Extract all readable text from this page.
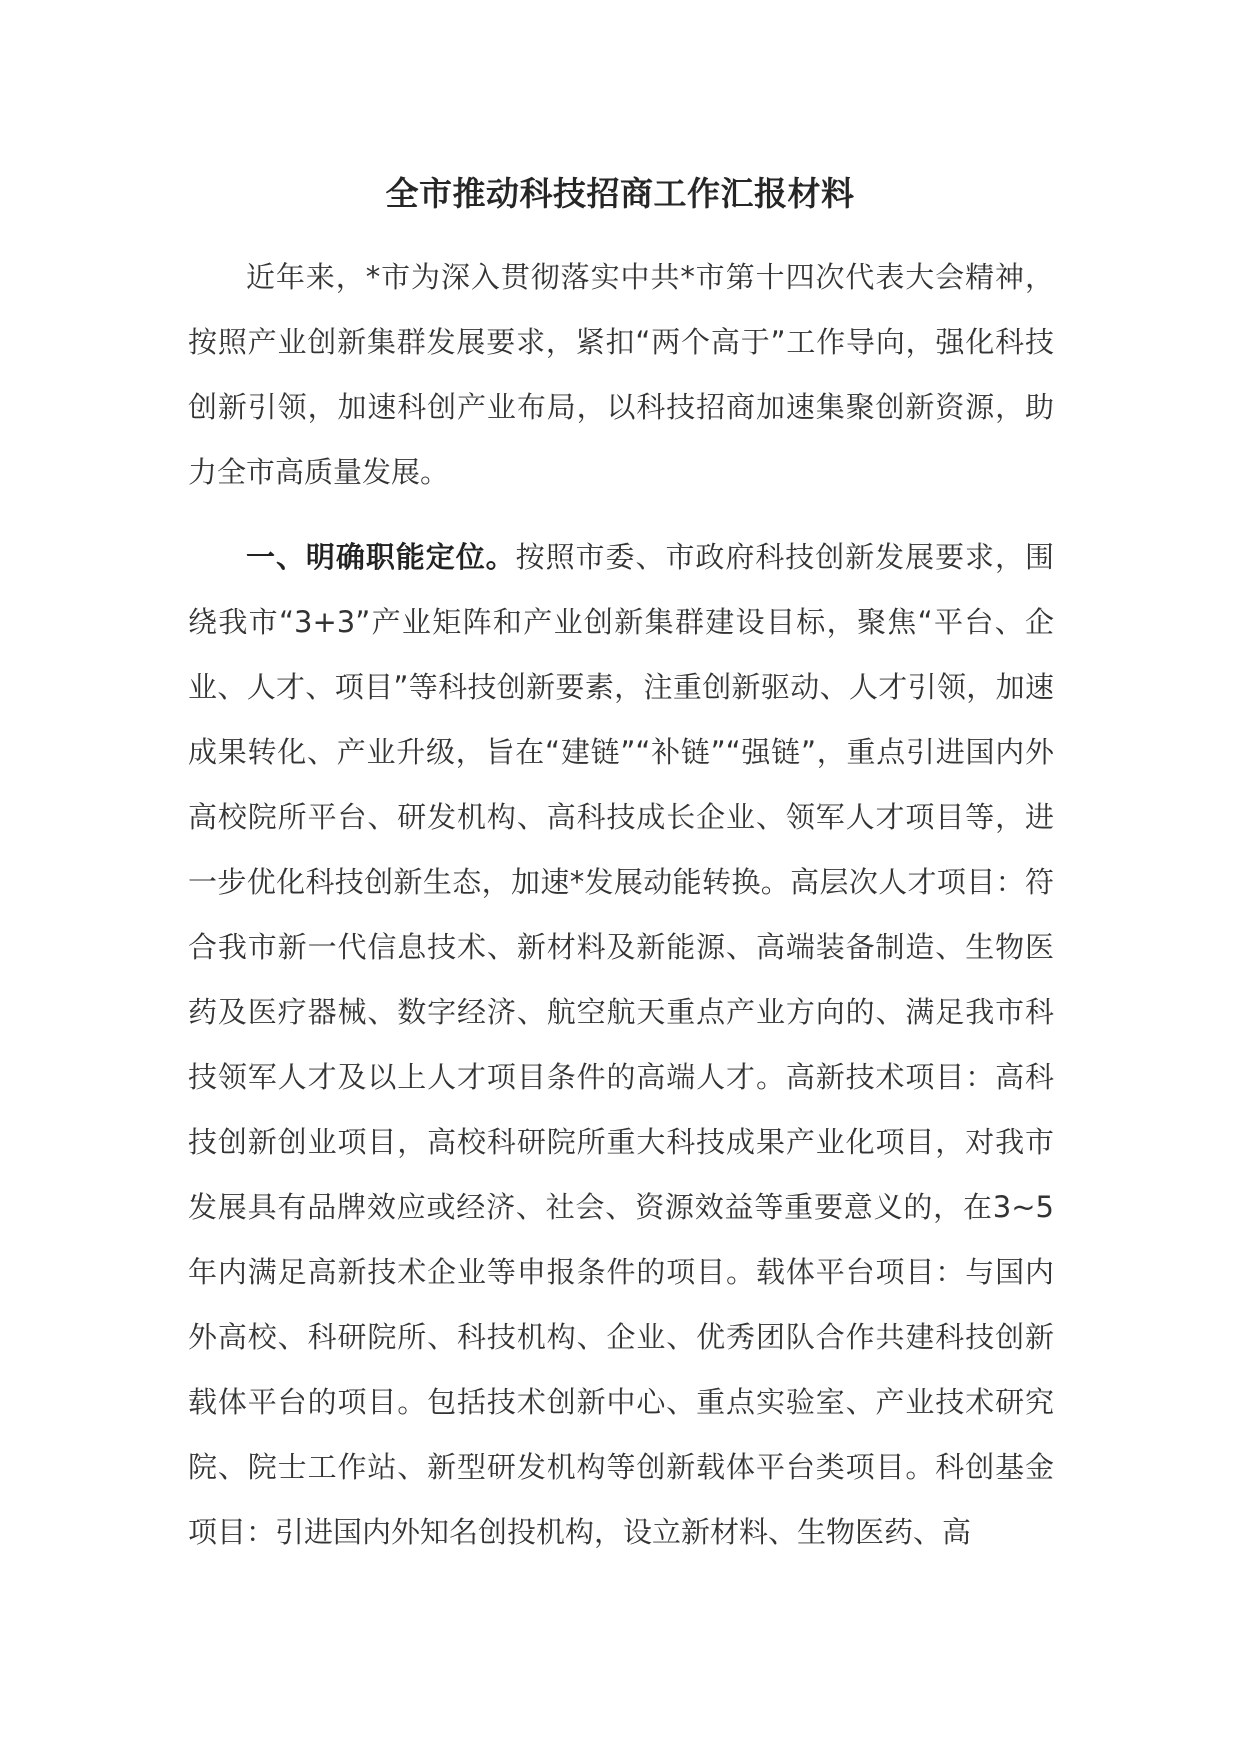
全市推动科技招商工作汇报材料

近年来，*市为深入贯彻落实中共*市第十四次代表大会精神，按照产业创新集群发展要求，紧扣“两个高于”工作导向，强化科技创新引领，加速科创产业布局，以科技招商加速集聚创新资源，助力全市高质量发展。

一、明确职能定位。按照市委、市政府科技创新发展要求，围绕我市“3+3”产业矩阵和产业创新集群建设目标，聚焦“平台、企业、人才、项目”等科技创新要素，注重创新驱动、人才引领，加速成果转化、产业升级，旨在“建链”“补链”“强链”，重点引进国内外高校院所平台、研发机构、高科技成长企业、领军人才项目等，进一步优化科技创新生态，加速*发展动能转换。高层次人才项目：符合我市新一代信息技术、新材料及新能源、高端装备制造、生物医药及医疗器械、数字经济、航空航天重点产业方向的、满足我市科技领军人才及以上人才项目条件的高端人才。高新技术项目：高科技创新创业项目，高校科研院所重大科技成果产业化项目，对我市发展具有品牌效应或经济、社会、资源效益等重要意义的，在3~5年内满足高新技术企业等申报条件的项目。载体平台项目：与国内外高校、科研院所、科技机构、企业、优秀团队合作共建科技创新载体平台的项目。包括技术创新中心、重点实验室、产业技术研究院、院士工作站、新型研发机构等创新载体平台类项目。科创基金项目：引进国内外知名创投机构，设立新材料、生物医药、高
